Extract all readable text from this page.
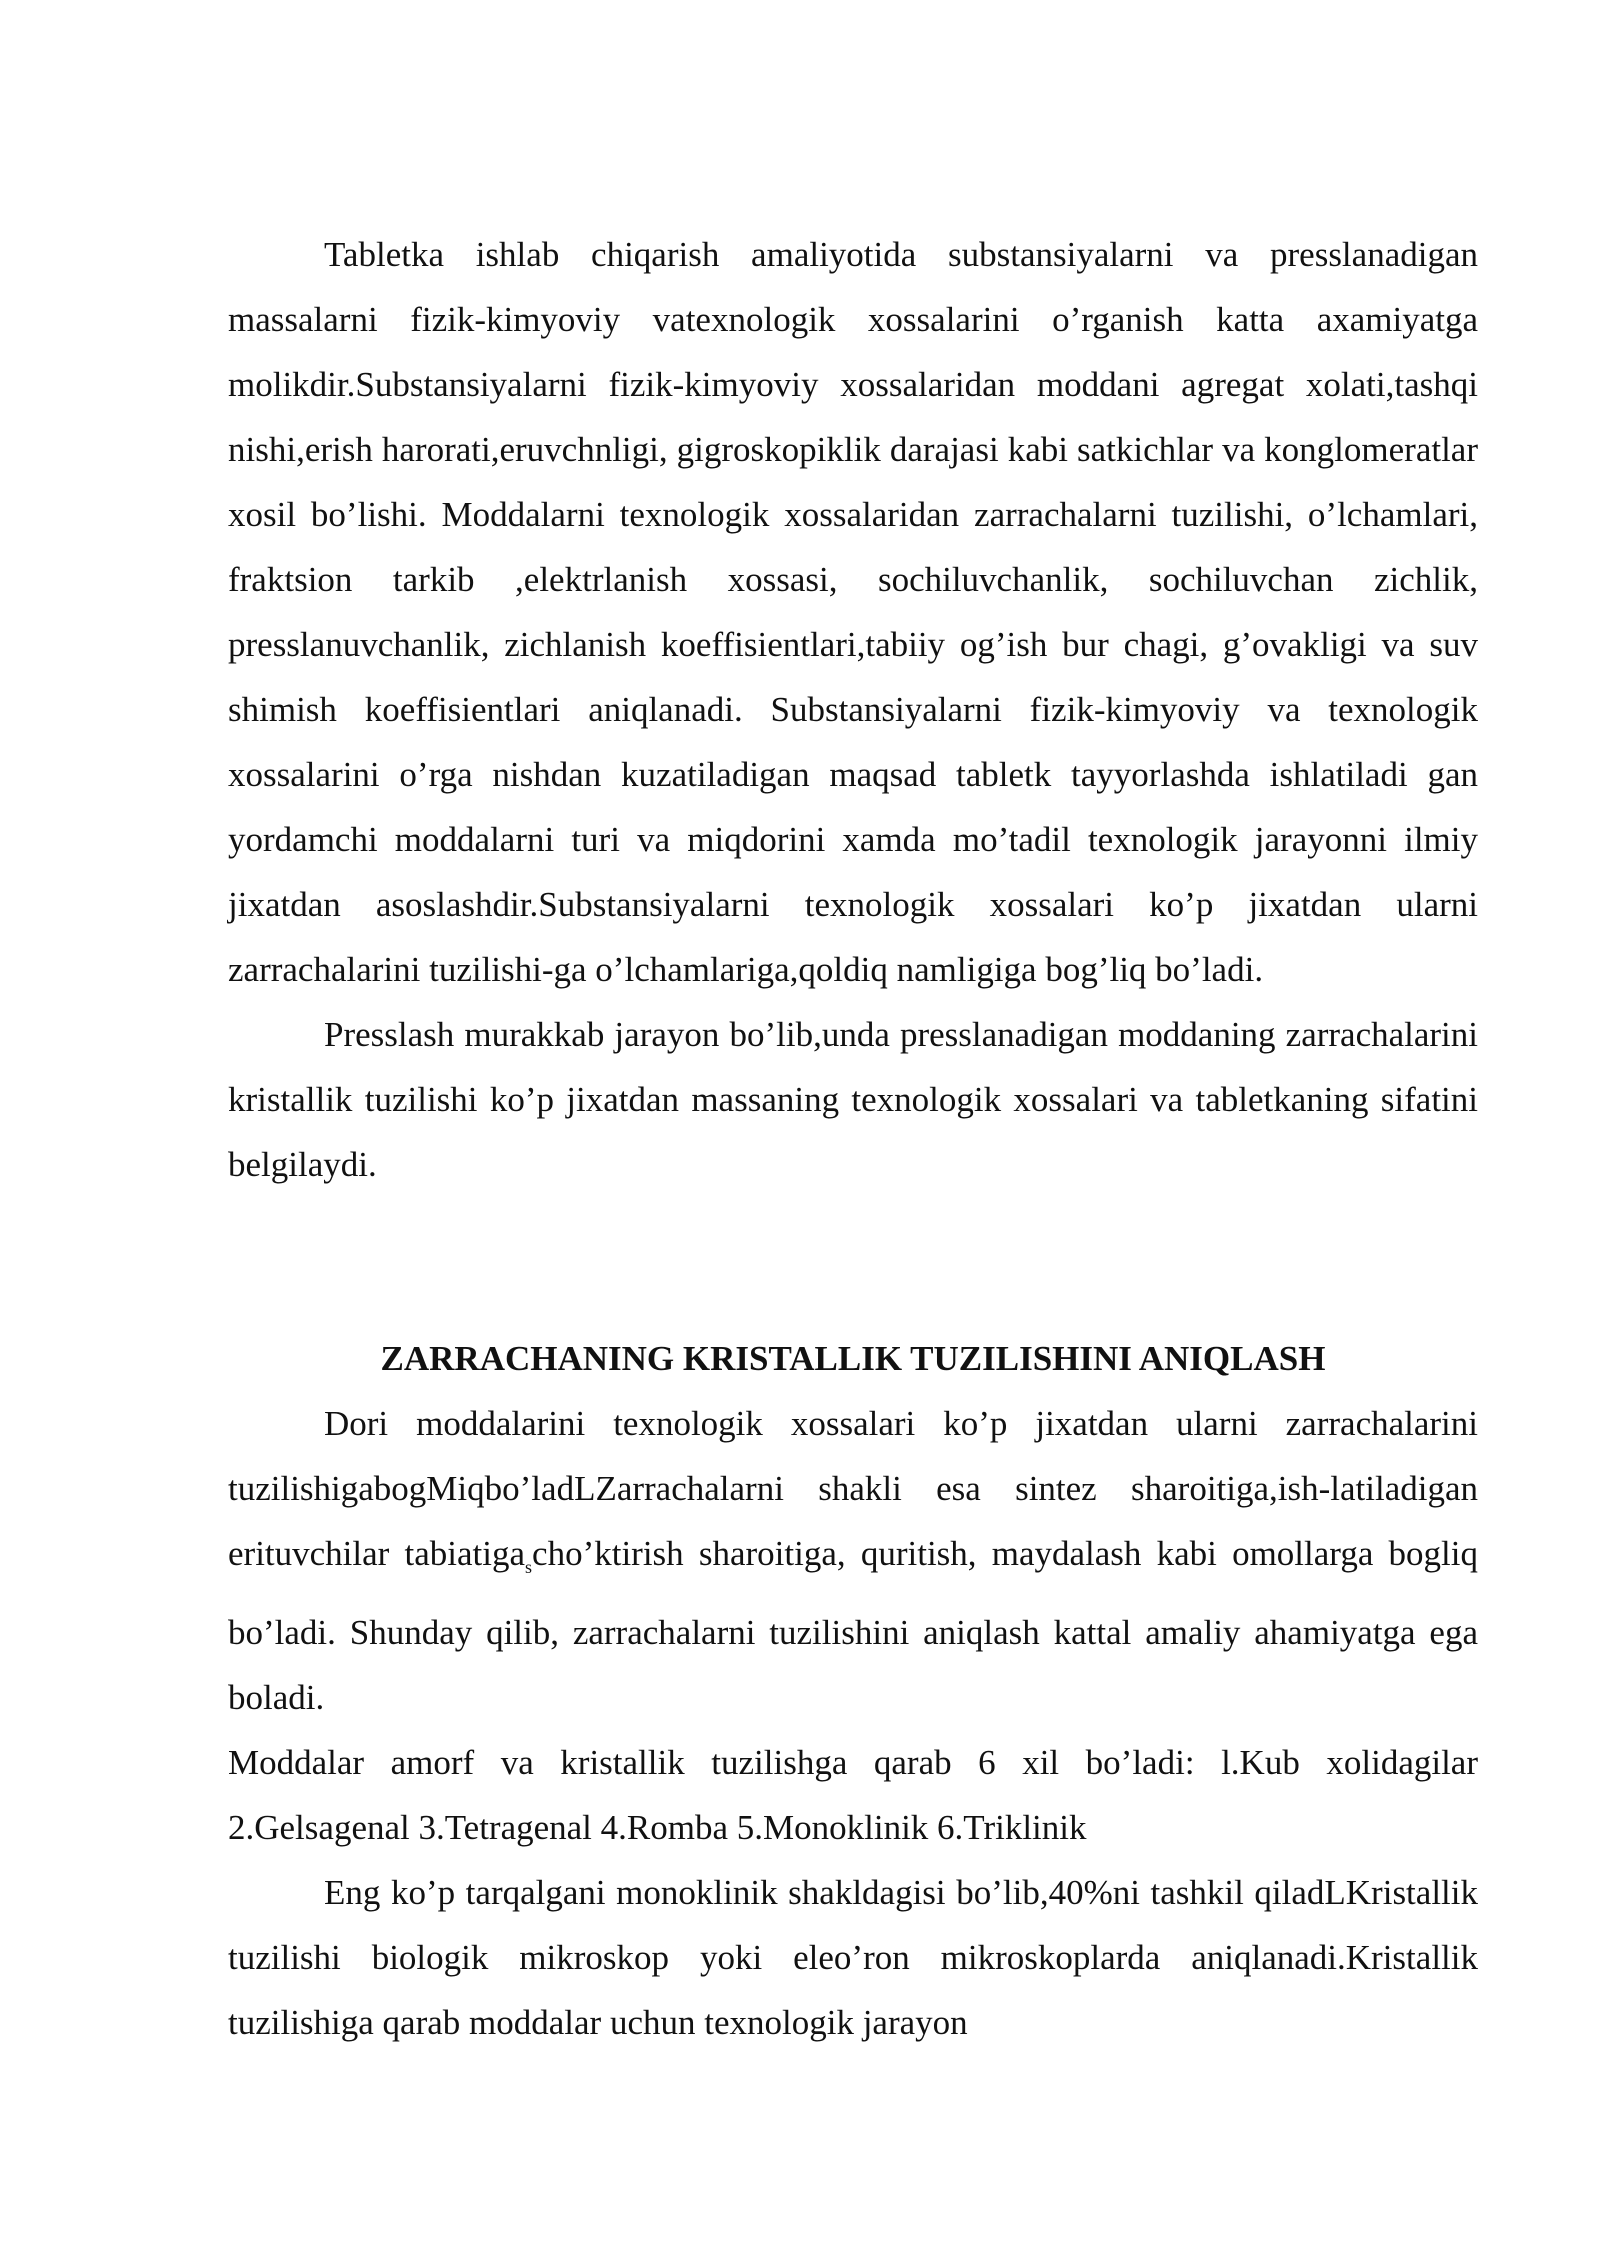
Tabletka ishlab chiqarish amaliyotida substansiyalarni va presslanadigan massalarni fizik-kimyoviy vatexnologik xossalarini o’rganish katta axamiyatga molikdir.Substansiyalarni fizik-kimyoviy xossalaridan moddani agregat xolati,tashqi nishi,erish harorati,eruvchnligi, gigroskopiklik darajasi kabi satkichlar va konglomeratlar xosil bo’lishi. Moddalarni texnologik xossalaridan zarrachalarni tuzilishi, o’lchamlari, fraktsion tarkib ,elektrlanish xossasi, sochiluvchanlik, sochiluvchan zichlik, presslanuvchanlik, zichlanish koeffisientlari,tabiiy og’ish bur chagi, g’ovakligi va suv shimish koeffisientlari aniqlanadi. Substansiyalarni fizik-kimyoviy va texnologik xossalarini o’rga nishdan kuzatiladigan maqsad tabletk tayyorlashda ishlatiladi gan yordamchi moddalarni turi va miqdorini xamda mo’tadil texnologik jarayonni ilmiy jixatdan asoslashdir.Substansiyalarni texnologik xossalari ko’p jixatdan ularni zarrachalarini tuzilishi-ga o’lchamlariga,qoldiq namligiga bog’liq bo’ladi.

Presslash murakkab jarayon bo’lib,unda presslanadigan moddaning zarrachalarini kristallik tuzilishi ko’p jixatdan massaning texnologik xossalari va tabletkaning sifatini belgilaydi.

ZARRACHANING KRISTALLIK TUZILISHINI ANIQLASH

Dori moddalarini texnologik xossalari ko’p jixatdan ularni zarrachalarini tuzilishigabogMiqbo’ladLZarrachalarni shakli esa sintez sharoitiga,ish-latiladigan erituvchilar tabiatiga$_s$cho’ktirish sharoitiga, quritish, maydalash kabi omollarga bogliq bo’ladi. Shunday qilib, zarrachalarni tuzilishini aniqlash kattal amaliy ahamiyatga ega boladi.

Moddalar amorf va kristallik tuzilishga qarab 6 xil bo’ladi: l.Kub xolidagilar 2.Gelsagenal 3.Tetragenal 4.Romba 5.Monoklinik 6.Triklinik

Eng ko’p tarqalgani monoklinik shakldagisi bo’lib,40%ni tashkil qiladLKristallik tuzilishi biologik mikroskop yoki eleo’ron mikroskoplarda aniqlanadi.Kristallik tuzilishiga qarab moddalar uchun texnologik jarayon
